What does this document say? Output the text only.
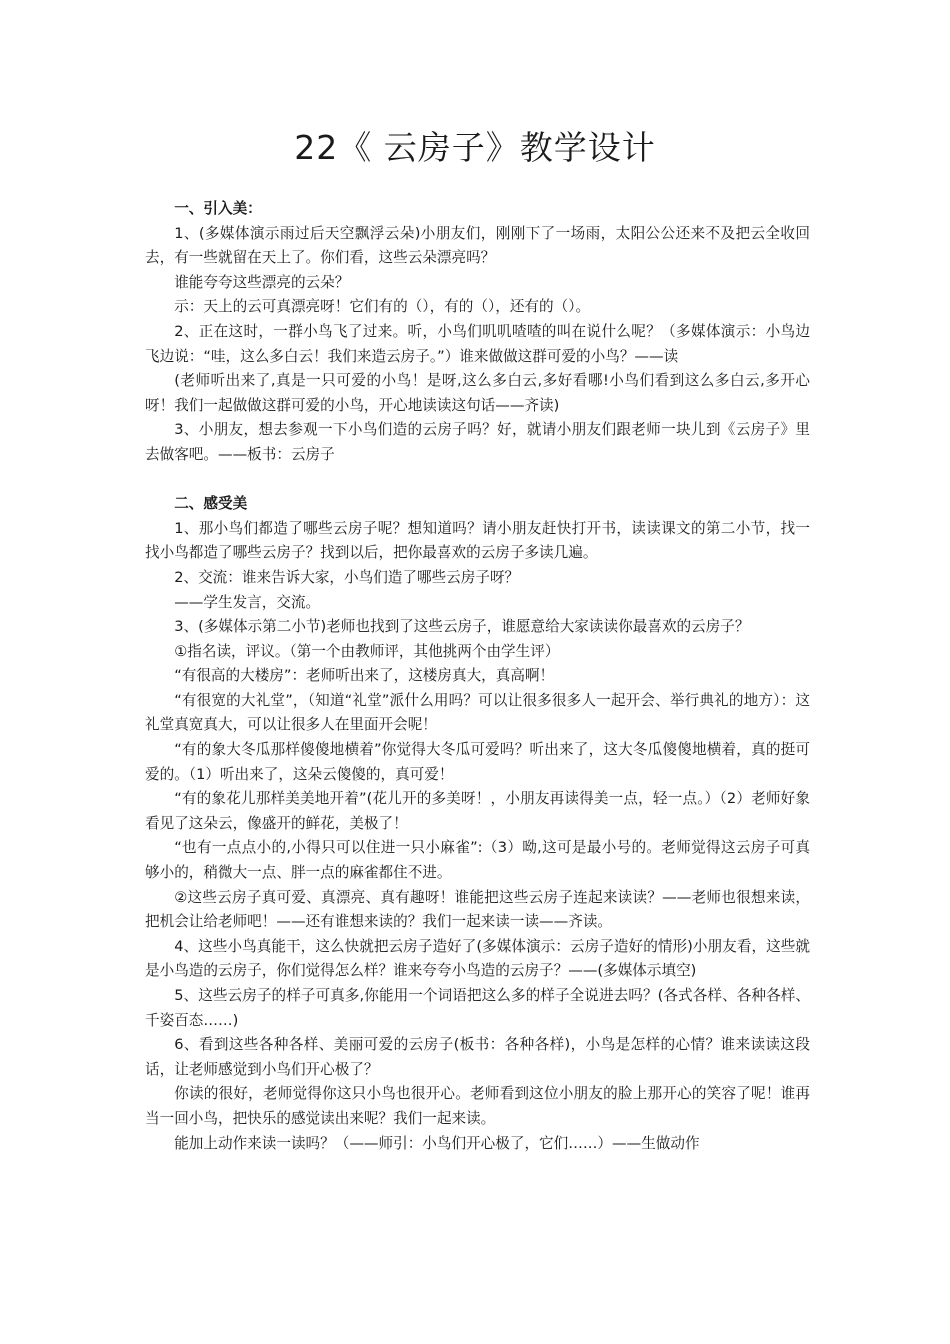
22《 云房子》教学设计
一、引入美：

1、(多媒体演示雨过后天空飘浮云朵)小朋友们，刚刚下了一场雨，太阳公公还来不及把云全收回去，有一些就留在天上了。你们看，这些云朵漂亮吗？

谁能夸夸这些漂亮的云朵？

示：天上的云可真漂亮呀！它们有的（），有的（），还有的（）。

2、正在这时，一群小鸟飞了过来。听，小鸟们叽叽喳喳的叫在说什么呢？（多媒体演示：小鸟边飞边说：“哇，这么多白云！我们来造云房子。”）谁来做做这群可爱的小鸟？——读

(老师听出来了,真是一只可爱的小鸟！是呀,这么多白云,多好看哪!小鸟们看到这么多白云,多开心呀！我们一起做做这群可爱的小鸟，开心地读读这句话——齐读)

3、小朋友，想去参观一下小鸟们造的云房子吗？好，就请小朋友们跟老师一块儿到《云房子》里去做客吧。——板书：云房子

二、感受美

1、那小鸟们都造了哪些云房子呢？想知道吗？请小朋友赶快打开书，读读课文的第二小节，找一找小鸟都造了哪些云房子？找到以后，把你最喜欢的云房子多读几遍。

2、交流：谁来告诉大家，小鸟们造了哪些云房子呀？

——学生发言，交流。

3、(多媒体示第二小节)老师也找到了这些云房子，谁愿意给大家读读你最喜欢的云房子？

①指名读，评议。（第一个由教师评，其他挑两个由学生评）

“有很高的大楼房”：老师听出来了，这楼房真大，真高啊！

“有很宽的大礼堂”，（知道“礼堂”派什么用吗？可以让很多很多人一起开会、举行典礼的地方）：这礼堂真宽真大，可以让很多人在里面开会呢！

“有的象大冬瓜那样傻傻地横着”你觉得大冬瓜可爱吗？听出来了，这大冬瓜傻傻地横着，真的挺可爱的。（1）听出来了，这朵云傻傻的，真可爱！

“有的象花儿那样美美地开着”(花儿开的多美呀！，小朋友再读得美一点，轻一点。）（2）老师好象看见了这朵云，像盛开的鲜花，美极了！

“也有一点点小的,小得只可以住进一只小麻雀”:（3）呦,这可是最小号的。老师觉得这云房子可真够小的，稍微大一点、胖一点的麻雀都住不进。

②这些云房子真可爱、真漂亮、真有趣呀！谁能把这些云房子连起来读读？——老师也很想来读，把机会让给老师吧！——还有谁想来读的？我们一起来读一读——齐读。

4、这些小鸟真能干，这么快就把云房子造好了(多媒体演示：云房子造好的情形)小朋友看，这些就是小鸟造的云房子，你们觉得怎么样？谁来夸夸小鸟造的云房子？——(多媒体示填空)

5、这些云房子的样子可真多,你能用一个词语把这么多的样子全说进去吗？(各式各样、各种各样、千姿百态……)

6、看到这些各种各样、美丽可爱的云房子(板书：各种各样)，小鸟是怎样的心情？谁来读读这段话，让老师感觉到小鸟们开心极了？

你读的很好，老师觉得你这只小鸟也很开心。老师看到这位小朋友的脸上那开心的笑容了呢！谁再当一回小鸟，把快乐的感觉读出来呢？我们一起来读。

能加上动作来读一读吗？（——师引：小鸟们开心极了，它们……）——生做动作
